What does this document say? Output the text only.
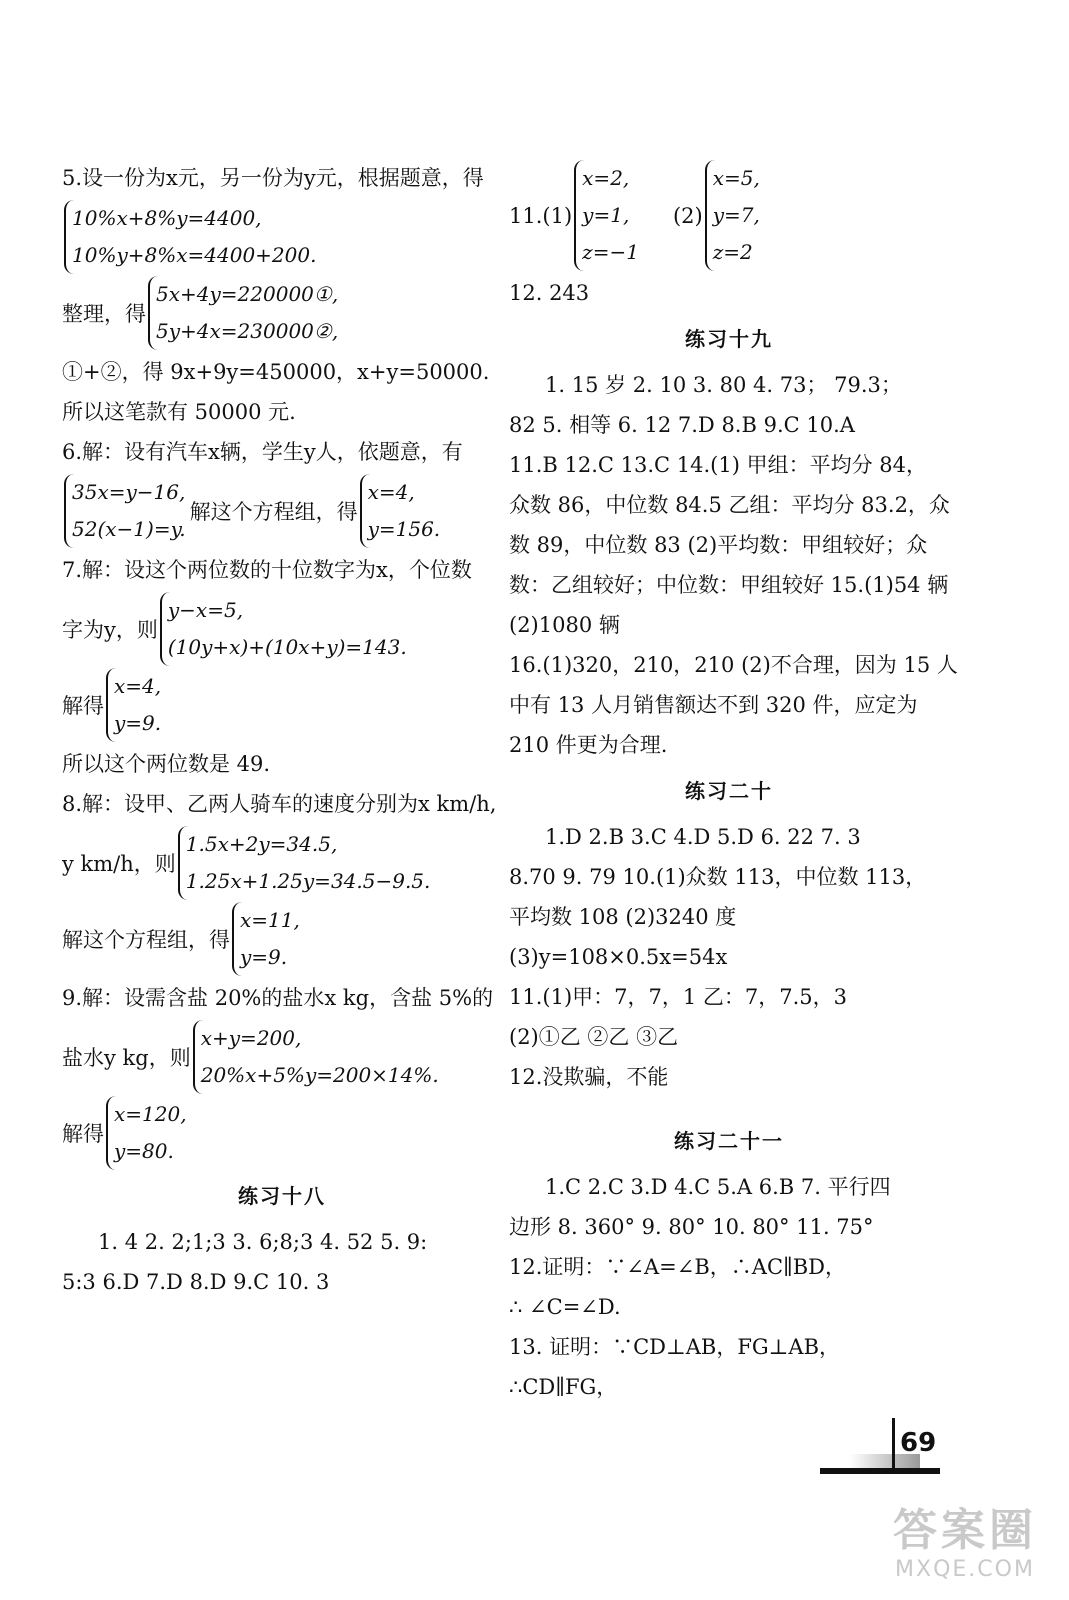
5.设一份为x元，另一份为y元，根据题意，得
10%x+8%y=4400,
10%y+8%x=4400+200.
整理，得
5x+4y=220000①,
5y+4x=230000②,
①+②，得 9x+9y=450000，x+y=50000.
所以这笔款有 50000 元.
6.解：设有汽车x辆，学生y人，依题意，有
35x=y−16,
52(x−1)=y.
解这个方程组，得
x=4,
y=156.
7.解：设这个两位数的十位数字为x，个位数
字为y，则
y−x=5,
(10y+x)+(10x+y)=143.
解得
x=4,
y=9.
所以这个两位数是 49.
8.解：设甲、乙两人骑车的速度分别为x km/h,
y km/h，则
1.5x+2y=34.5,
1.25x+1.25y=34.5−9.5.
解这个方程组，得
x=11,
y=9.
9.解：设需含盐 20%的盐水x kg，含盐 5%的
盐水y kg，则
x+y=200,
20%x+5%y=200×14%.
解得
x=120,
y=80.
练习十八
1. 4 2. 2;1;3 3. 6;8;3 4. 52 5. 9:
5:3 6.D 7.D 8.D 9.C 10. 3
11.(1)
x=2,
y=1,
z=−1
(2)
x=5,
y=7,
z=2
12. 243
练习十九
1. 15 岁 2. 10 3. 80 4. 73； 79.3；
82 5. 相等 6. 12 7.D 8.B 9.C 10.A
11.B 12.C 13.C 14.(1) 甲组：平均分 84，
众数 86，中位数 84.5 乙组：平均分 83.2，众
数 89，中位数 83 (2)平均数：甲组较好；众
数：乙组较好；中位数：甲组较好 15.(1)54 辆
(2)1080 辆
16.(1)320，210，210 (2)不合理，因为 15 人
中有 13 人月销售额达不到 320 件，应定为
210 件更为合理.
练习二十
1.D 2.B 3.C 4.D 5.D 6. 22 7. 3
8.70 9. 79 10.(1)众数 113，中位数 113，
平均数 108 (2)3240 度
(3)y=108×0.5x=54x
11.(1)甲：7，7，1 乙：7，7.5，3
(2)①乙 ②乙 ③乙
12.没欺骗，不能
练习二十一
1.C 2.C 3.D 4.C 5.A 6.B 7. 平行四
边形 8. 360° 9. 80° 10. 80° 11. 75°
12.证明：∵∠A=∠B，∴AC∥BD，
∴ ∠C=∠D.
13. 证明：∵CD⊥AB，FG⊥AB，
∴CD∥FG，
69
答案圈
MXQE.COM
